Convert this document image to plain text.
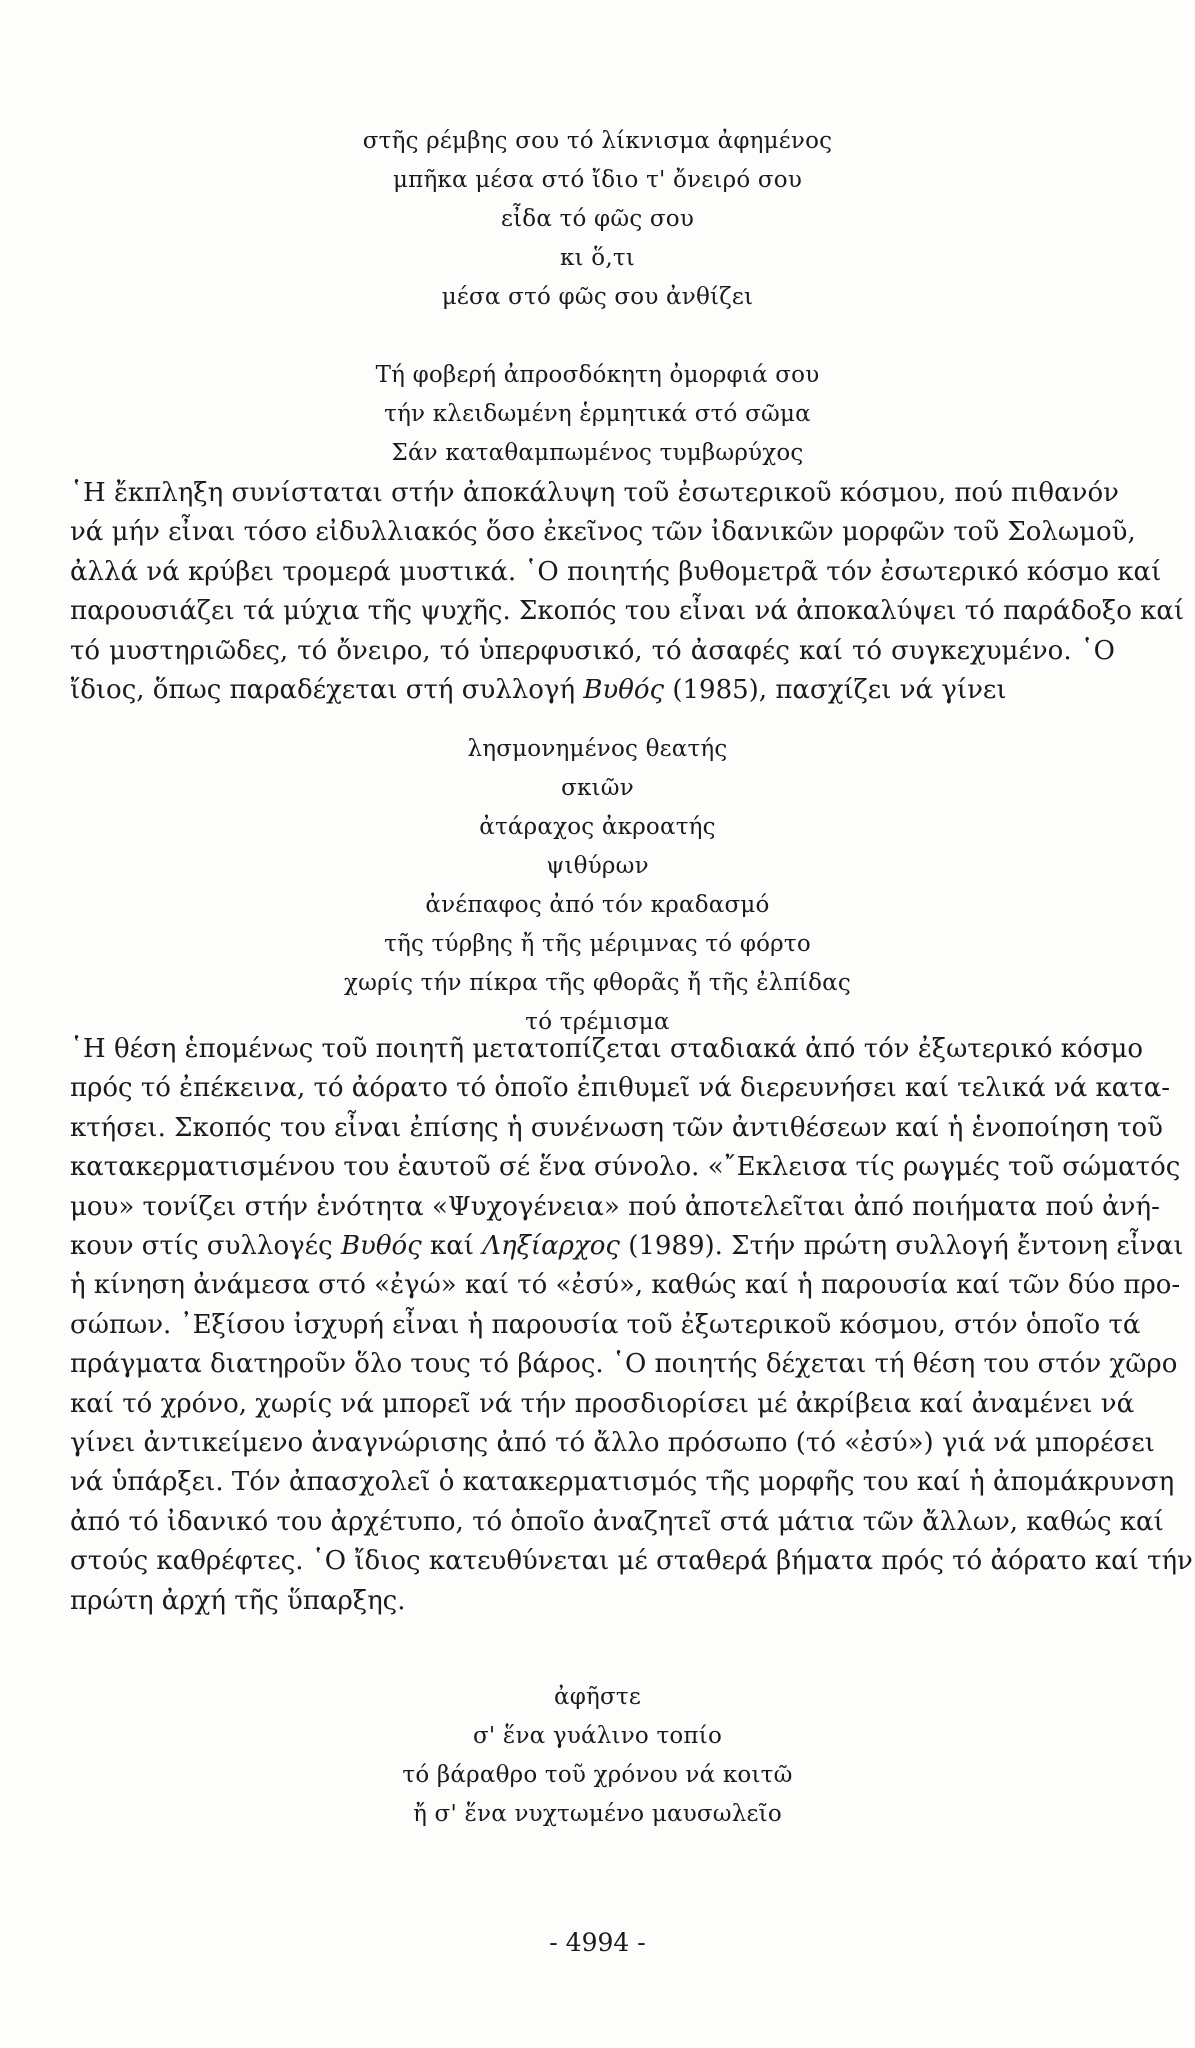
στῆς ρέμβης σου τό λίκνισμα ἀφημένος
μπῆκα μέσα στό ἴδιο τ' ὄνειρό σου
εἶδα τό φῶς σου
κι ὅ,τι
μέσα στό φῶς σου ἀνθίζει
Τή φοβερή ἀπροσδόκητη ὀμορφιά σου
τήν κλειδωμένη ἑρμητικά στό σῶμα
Σάν καταθαμπωμένος τυμβωρύχος
῾Η ἔκπληξη συνίσταται στήν ἀποκάλυψη τοῦ ἐσωτερικοῦ κόσμου, πού πιθανόν
νά μήν εἶναι τόσο εἰδυλλιακός ὅσο ἐκεῖνος τῶν ἰδανικῶν μορφῶν τοῦ Σολωμοῦ,
ἀλλά νά κρύβει τρομερά μυστικά. ῾Ο ποιητής βυθομετρᾶ τόν ἐσωτερικό κόσμο καί
παρουσιάζει τά μύχια τῆς ψυχῆς. Σκοπός του εἶναι νά ἀποκαλύψει τό παράδοξο καί
τό μυστηριῶδες, τό ὄνειρο, τό ὑπερφυσικό, τό ἀσαφές καί τό συγκεχυμένο. ῾Ο
ἴδιος, ὅπως παραδέχεται στή συλλογή Βυθός (1985), πασχίζει νά γίνει
λησμονημένος θεατής
σκιῶν
ἀτάραχος ἀκροατής
ψιθύρων
ἀνέπαφος ἀπό τόν κραδασμό
τῆς τύρβης ἤ τῆς μέριμνας τό φόρτο
χωρίς τήν πίκρα τῆς φθορᾶς ἤ τῆς ἐλπίδας
τό τρέμισμα
῾Η θέση ἑπομένως τοῦ ποιητῆ μετατοπίζεται σταδιακά ἀπό τόν ἐξωτερικό κόσμο
πρός τό ἐπέκεινα, τό ἀόρατο τό ὁποῖο ἐπιθυμεῖ νά διερευνήσει καί τελικά νά κατα-
κτήσει. Σκοπός του εἶναι ἐπίσης ἡ συνένωση τῶν ἀντιθέσεων καί ἡ ἑνοποίηση τοῦ
κατακερματισμένου του ἑαυτοῦ σέ ἕνα σύνολο. «῎Εκλεισα τίς ρωγμές τοῦ σώματός
μου» τονίζει στήν ἑνότητα «Ψυχογένεια» πού ἀποτελεῖται ἀπό ποιήματα πού ἀνή-
κουν στίς συλλογές Βυθός καί Ληξίαρχος (1989). Στήν πρώτη συλλογή ἔντονη εἶναι
ἡ κίνηση ἀνάμεσα στό «ἐγώ» καί τό «ἐσύ», καθώς καί ἡ παρουσία καί τῶν δύο προ-
σώπων. ᾿Εξίσου ἰσχυρή εἶναι ἡ παρουσία τοῦ ἐξωτερικοῦ κόσμου, στόν ὁποῖο τά
πράγματα διατηροῦν ὅλο τους τό βάρος. ῾Ο ποιητής δέχεται τή θέση του στόν χῶρο
καί τό χρόνο, χωρίς νά μπορεῖ νά τήν προσδιορίσει μέ ἀκρίβεια καί ἀναμένει νά
γίνει ἀντικείμενο ἀναγνώρισης ἀπό τό ἄλλο πρόσωπο (τό «ἐσύ») γιά νά μπορέσει
νά ὑπάρξει. Τόν ἀπασχολεῖ ὁ κατακερματισμός τῆς μορφῆς του καί ἡ ἀπομάκρυνση
ἀπό τό ἰδανικό του ἀρχέτυπο, τό ὁποῖο ἀναζητεῖ στά μάτια τῶν ἄλλων, καθώς καί
στούς καθρέφτες. ῾Ο ἴδιος κατευθύνεται μέ σταθερά βήματα πρός τό ἀόρατο καί τήν
πρώτη ἀρχή τῆς ὕπαρξης.
ἀφῆστε
σ' ἕνα γυάλινο τοπίο
τό βάραθρο τοῦ χρόνου νά κοιτῶ
ἤ σ' ἕνα νυχτωμένο μαυσωλεῖο
- 4994 -
